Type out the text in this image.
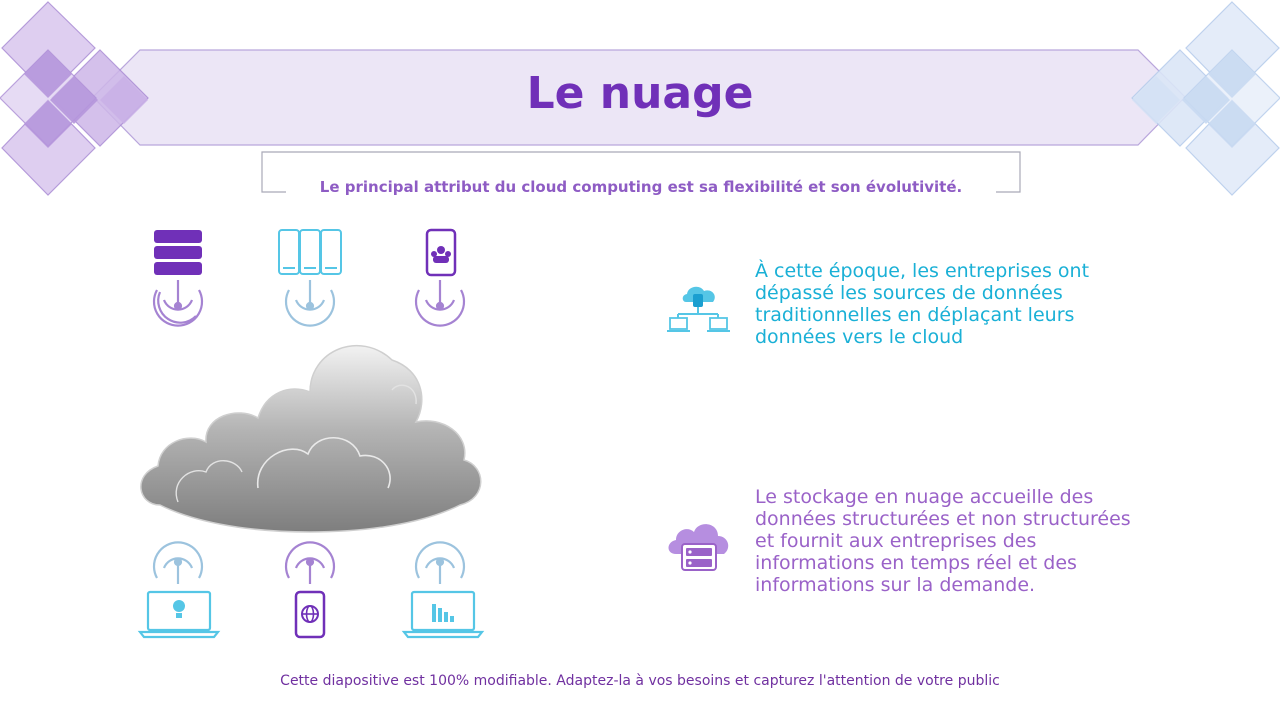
Le nuage
Le principal attribut du cloud computing est sa flexibilité et son évolutivité.
À cette époque, les entreprises ont dépassé les sources de données traditionnelles en déplaçant leurs données vers le cloud
Le stockage en nuage accueille des données structurées et non structurées et fournit aux entreprises des informations en temps réel et des informations sur la demande.
Cette diapositive est 100% modifiable. Adaptez-la à vos besoins et capturez l'attention de votre public
